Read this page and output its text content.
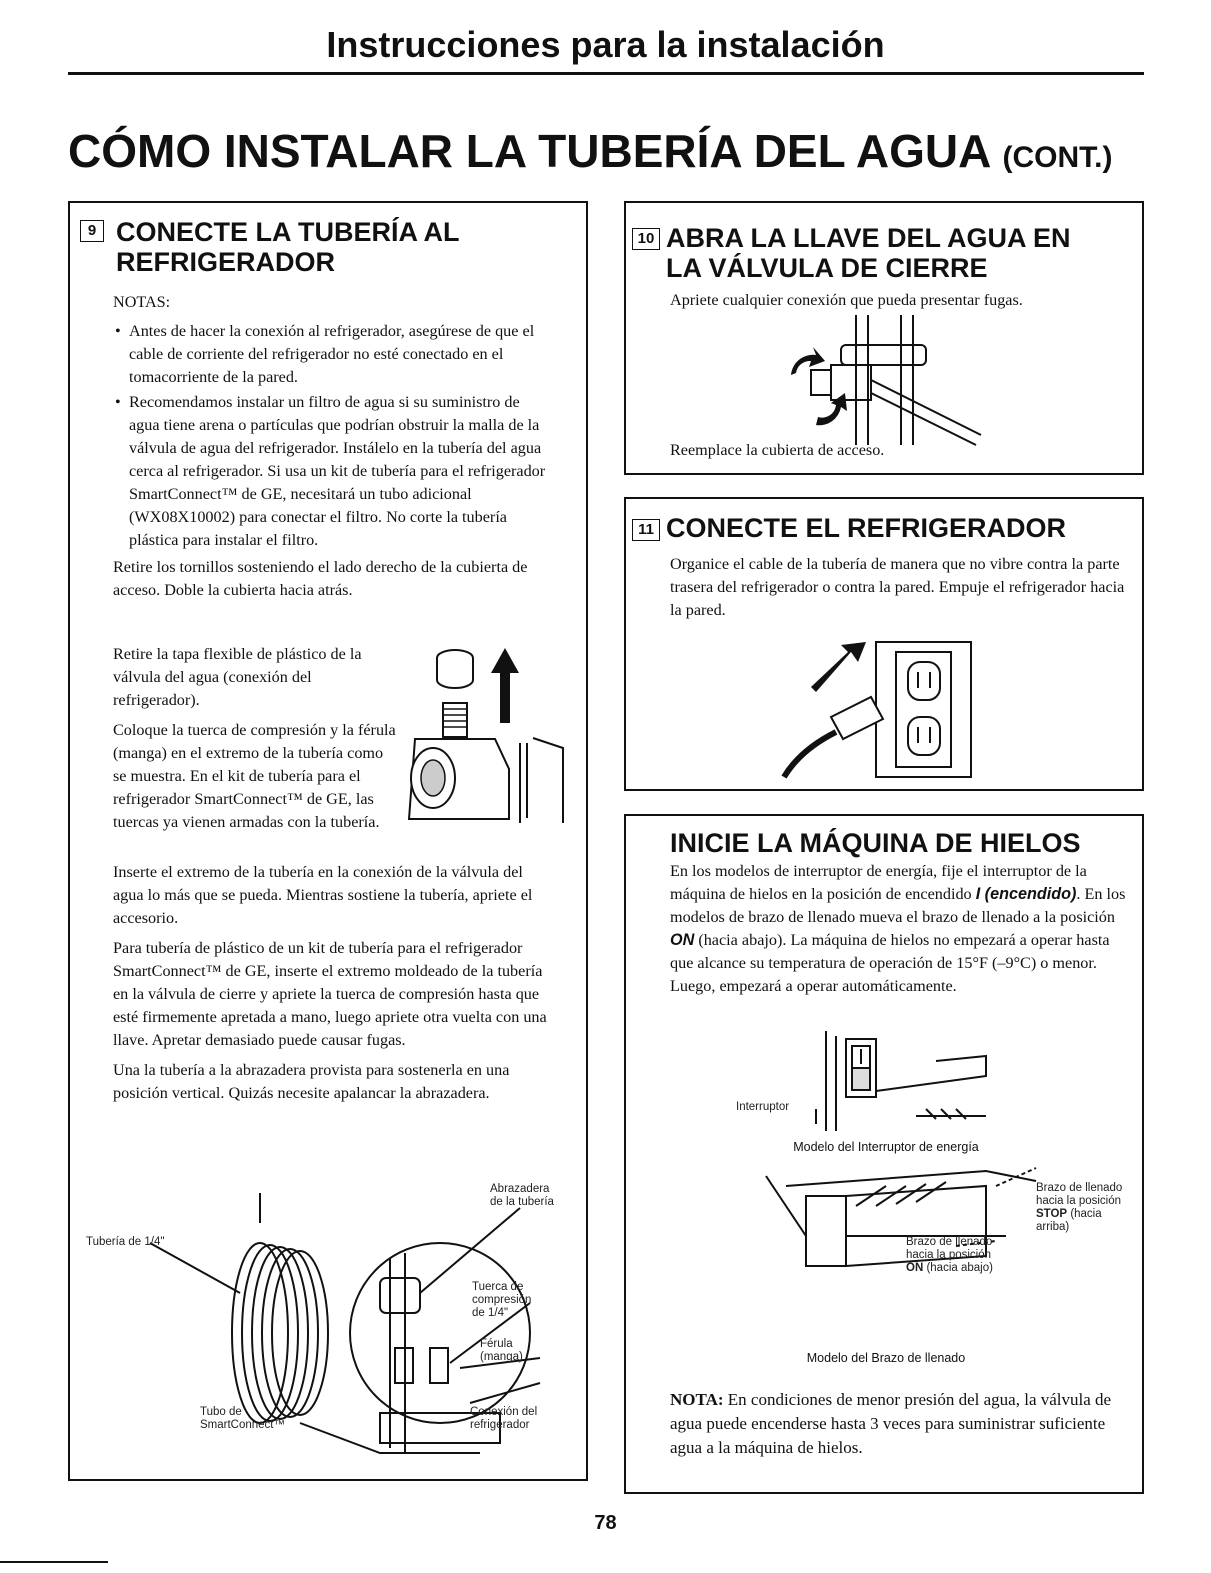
Instrucciones para la instalación
CÓMO INSTALAR LA TUBERÍA DEL AGUA (CONT.)
9 CONECTE LA TUBERÍA AL
REFRIGERADOR

NOTAS:

• Antes de hacer la conexión al refrigerador, asegúrese de que el cable de corriente del refrigerador no esté conectado en el tomacorriente de la pared.
• Recomendamos instalar un filtro de agua si su suministro de agua tiene arena o partículas que podrían obstruir la malla de la válvula de agua del refrigerador. Instálelo en la tubería del agua cerca al refrigerador. Si usa un kit de tubería para el refrigerador SmartConnect™ de GE, necesitará un tubo adicional (WX08X10002) para conectar el filtro. No corte la tubería plástica para instalar el filtro.

Retire los tornillos sosteniendo el lado derecho de la cubierta de acceso. Doble la cubierta hacia atrás.

Retire la tapa flexible de plástico de la válvula del agua (conexión del refrigerador).

Coloque la tuerca de compresión y la férula (manga) en el extremo de la tubería como se muestra. En el kit de tubería para el refrigerador SmartConnect™ de GE, las tuercas ya vienen armadas con la tubería.

Inserte el extremo de la tubería en la conexión de la válvula del agua lo más que se pueda. Mientras sostiene la tubería, apriete el accesorio.

Para tubería de plástico de un kit de tubería para el refrigerador SmartConnect™ de GE, inserte el extremo moldeado de la tubería en la válvula de cierre y apriete la tuerca de compresión hasta que esté firmemente apretada a mano, luego apriete otra vuelta con una llave. Apretar demasiado puede causar fugas.

Una la tubería a la abrazadera provista para sostenerla en una posición vertical. Quizás necesite apalancar la abrazadera.

Abrazadera de la tubería
Tubería de 1/4"
Tuerca de compresión de 1/4"
Férula (manga)
Tubo de SmartConnect™
Conexión del refrigerador
10 ABRA LA LLAVE DEL AGUA EN
LA VÁLVULA DE CIERRE
Apriete cualquier conexión que pueda presentar fugas.
Reemplace la cubierta de acceso.
11 CONECTE EL REFRIGERADOR
Organice el cable de la tubería de manera que no vibre contra la parte trasera del refrigerador o contra la pared. Empuje el refrigerador hacia la pared.
INICIE LA MÁQUINA DE HIELOS
En los modelos de interruptor de energía, fije el interruptor de la máquina de hielos en la posición de encendido I (encendido). En los modelos de brazo de llenado mueva el brazo de llenado a la posición ON (hacia abajo). La máquina de hielos no empezará a operar hasta que alcance su temperatura de operación de 15°F (–9°C) o menor. Luego, empezará a operar automáticamente.
Interruptor
Modelo del Interruptor de energía
Brazo de llenado hacia la posición STOP (hacia arriba)
Brazo de llenado hacia la posición ON (hacia abajo)
Modelo del Brazo de llenado
NOTA: En condiciones de menor presión del agua, la válvula de agua puede encenderse hasta 3 veces para suministrar suficiente agua a la máquina de hielos.
78
